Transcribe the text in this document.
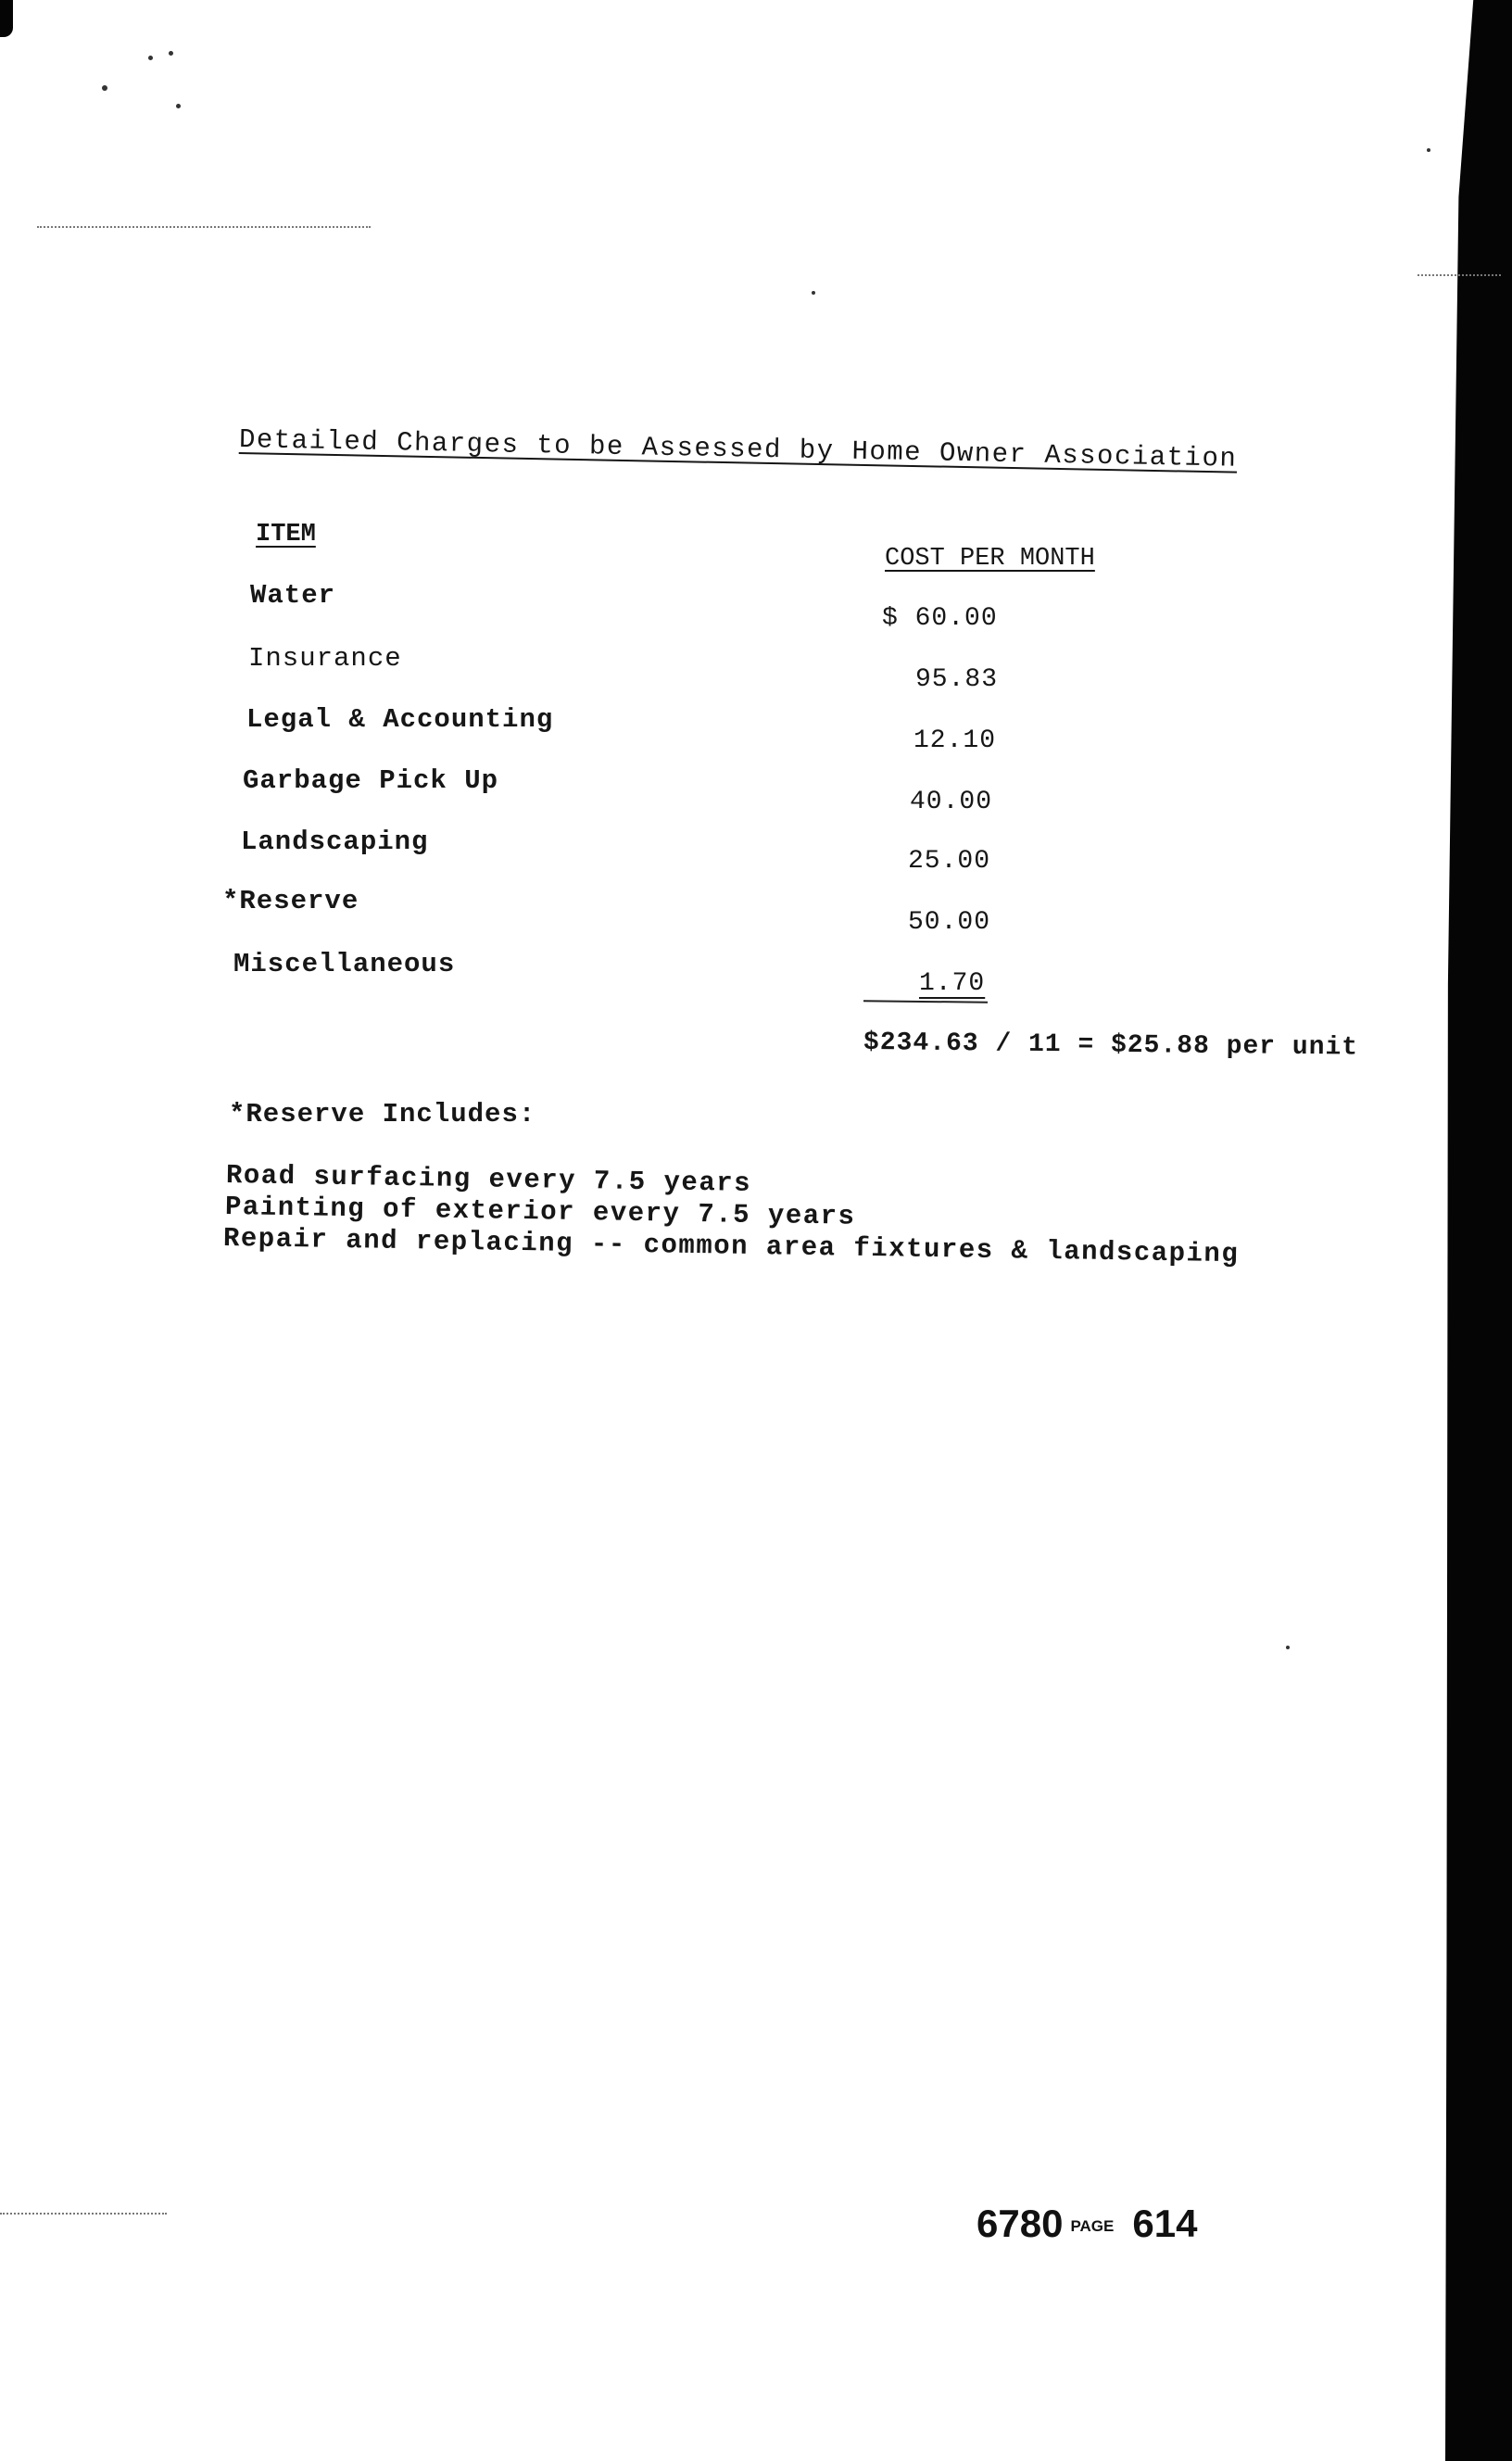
Detailed Charges to be Assessed by Home Owner Association
ITEM
COST PER MONTH
Water
Insurance
Legal & Accounting
Garbage Pick Up
Landscaping
*Reserve
Miscellaneous
$ 60.00
95.83
12.10
40.00
25.00
50.00
1.70
$234.63 / 11 = $25.88 per unit
*Reserve Includes:
Road surfacing every 7.5 years
Painting of exterior every 7.5 years
Repair and replacing -- common area fixtures & landscaping
6780 PAGE 614
